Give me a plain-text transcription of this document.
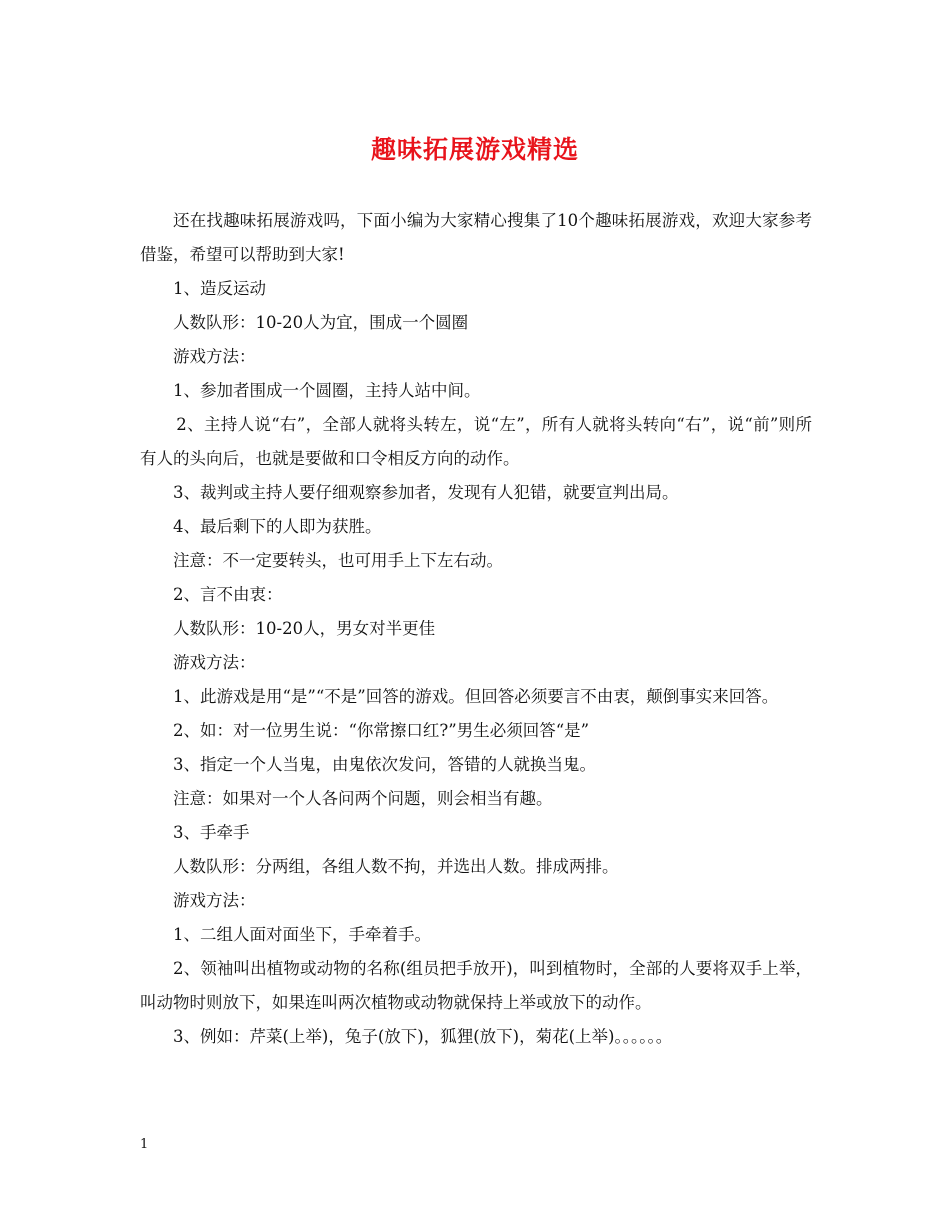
趣味拓展游戏精选

还在找趣味拓展游戏吗，下面小编为大家精心搜集了10个趣味拓展游戏，欢迎大家参考借鉴，希望可以帮助到大家!

1、造反运动

人数队形：10-20人为宜，围成一个圆圈

游戏方法：

1、参加者围成一个圆圈，主持人站中间。

2、主持人说“右”，全部人就将头转左，说“左”，所有人就将头转向“右”，说“前”则所有人的头向后，也就是要做和口令相反方向的动作。

3、裁判或主持人要仔细观察参加者，发现有人犯错，就要宣判出局。

4、最后剩下的人即为获胜。

注意：不一定要转头，也可用手上下左右动。

2、言不由衷：

人数队形：10-20人，男女对半更佳

游戏方法：

1、此游戏是用“是”“不是”回答的游戏。但回答必须要言不由衷，颠倒事实来回答。

2、如：对一位男生说：“你常擦口红?”男生必须回答“是”

3、指定一个人当鬼，由鬼依次发问，答错的人就换当鬼。

注意：如果对一个人各问两个问题，则会相当有趣。

3、手牵手

人数队形：分两组，各组人数不拘，并选出人数。排成两排。

游戏方法：

1、二组人面对面坐下，手牵着手。

2、领袖叫出植物或动物的名称(组员把手放开)，叫到植物时，全部的人要将双手上举，叫动物时则放下，如果连叫两次植物或动物就保持上举或放下的动作。

3、例如：芹菜(上举)，兔子(放下)，狐狸(放下)，菊花(上举)。。。。。。

1
